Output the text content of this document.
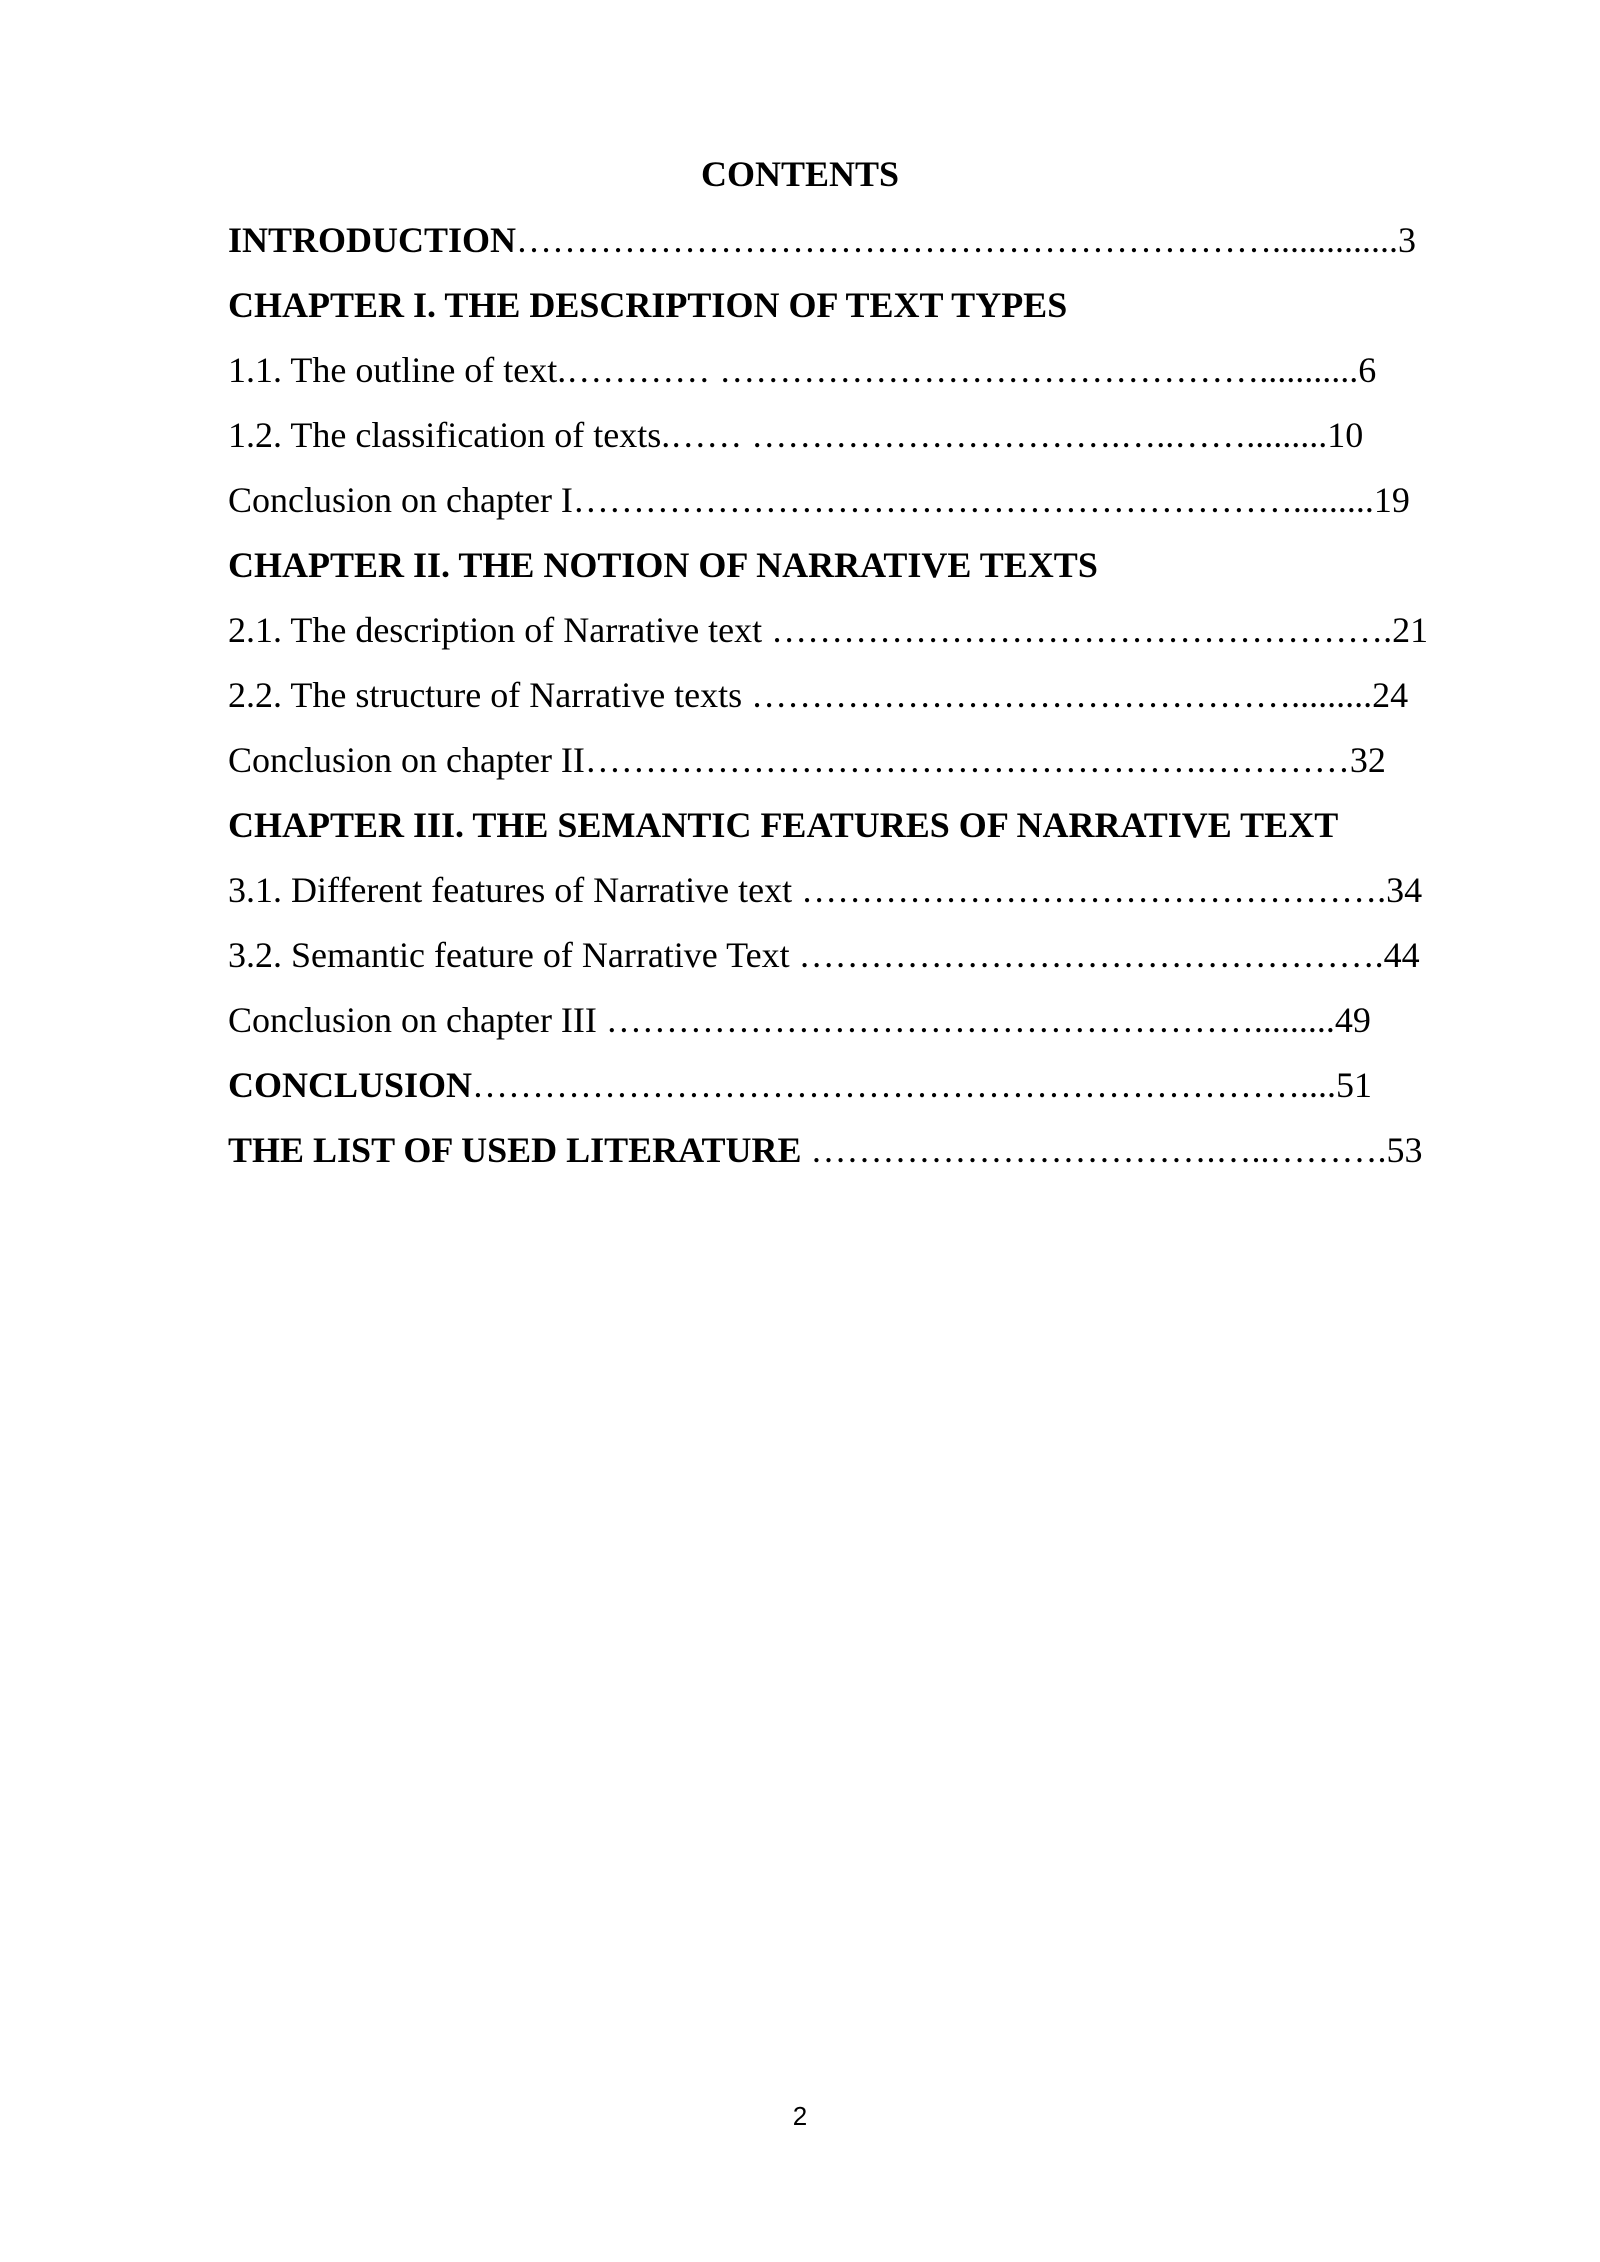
CONTENTS
INTRODUCTION………………………………………………………..............3
CHAPTER I. THE DESCRIPTION OF TEXT TYPES
1.1. The outline of text.………… ………………………………………...........6
1.2. The classification of texts.…… ………………………….…..…….........10
Conclusion on chapter I…………………………………………………….........19
CHAPTER II. THE NOTION OF NARRATIVE TEXTS
2.1. The description of Narrative text …………………………………………….21
2.2. The structure of Narrative texts ……………………………………….........24
Conclusion on chapter II…………………………………………….…………32
CHAPTER III. THE SEMANTIC FEATURES OF NARRATIVE TEXT
3.1. Different features of Narrative text ………………………………………….34
3.2. Semantic feature of Narrative Text ………………………………………….44
Conclusion on chapter III ……………………………………………….........49
CONCLUSION……………………………………………………………....51
THE LIST OF USED LITERATURE …………………………….…..……….53
2
